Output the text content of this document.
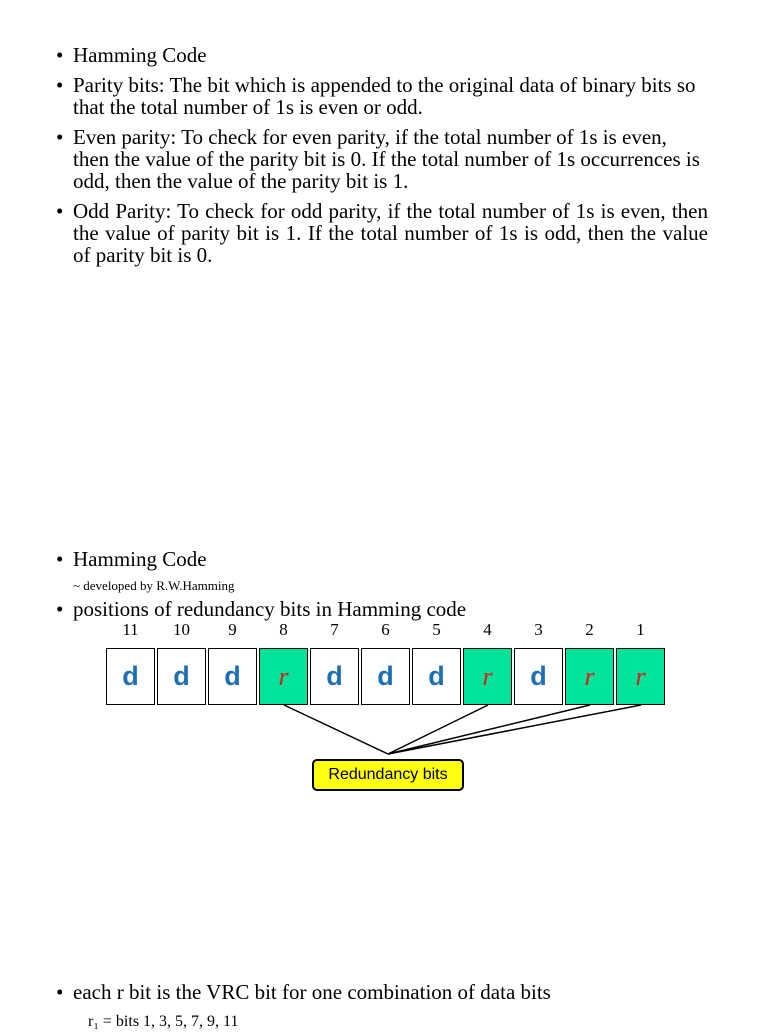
• Hamming Code
• Parity bits: The bit which is appended to the original data of binary bits so that the total number of 1s is even or odd.
• Even parity: To check for even parity, if the total number of 1s is even, then the value of the parity bit is 0. If the total number of 1s occurrences is odd, then the value of the parity bit is 1.
• Odd Parity: To check for odd parity, if the total number of 1s is even, then the value of parity bit is 1. If the total number of 1s is odd, then the value of parity bit is 0.

• Hamming Code
~ developed by R.W.Hamming
• positions of redundancy bits in Hamming code
11	10	9	8	7	6	5	4	3	2	1
d	d	d	r	d	d	d	r	d	r	r
Redundancy bits

• each r bit is the VRC bit for one combination of data bits
r₁ = bits 1, 3, 5, 7, 9, 11
